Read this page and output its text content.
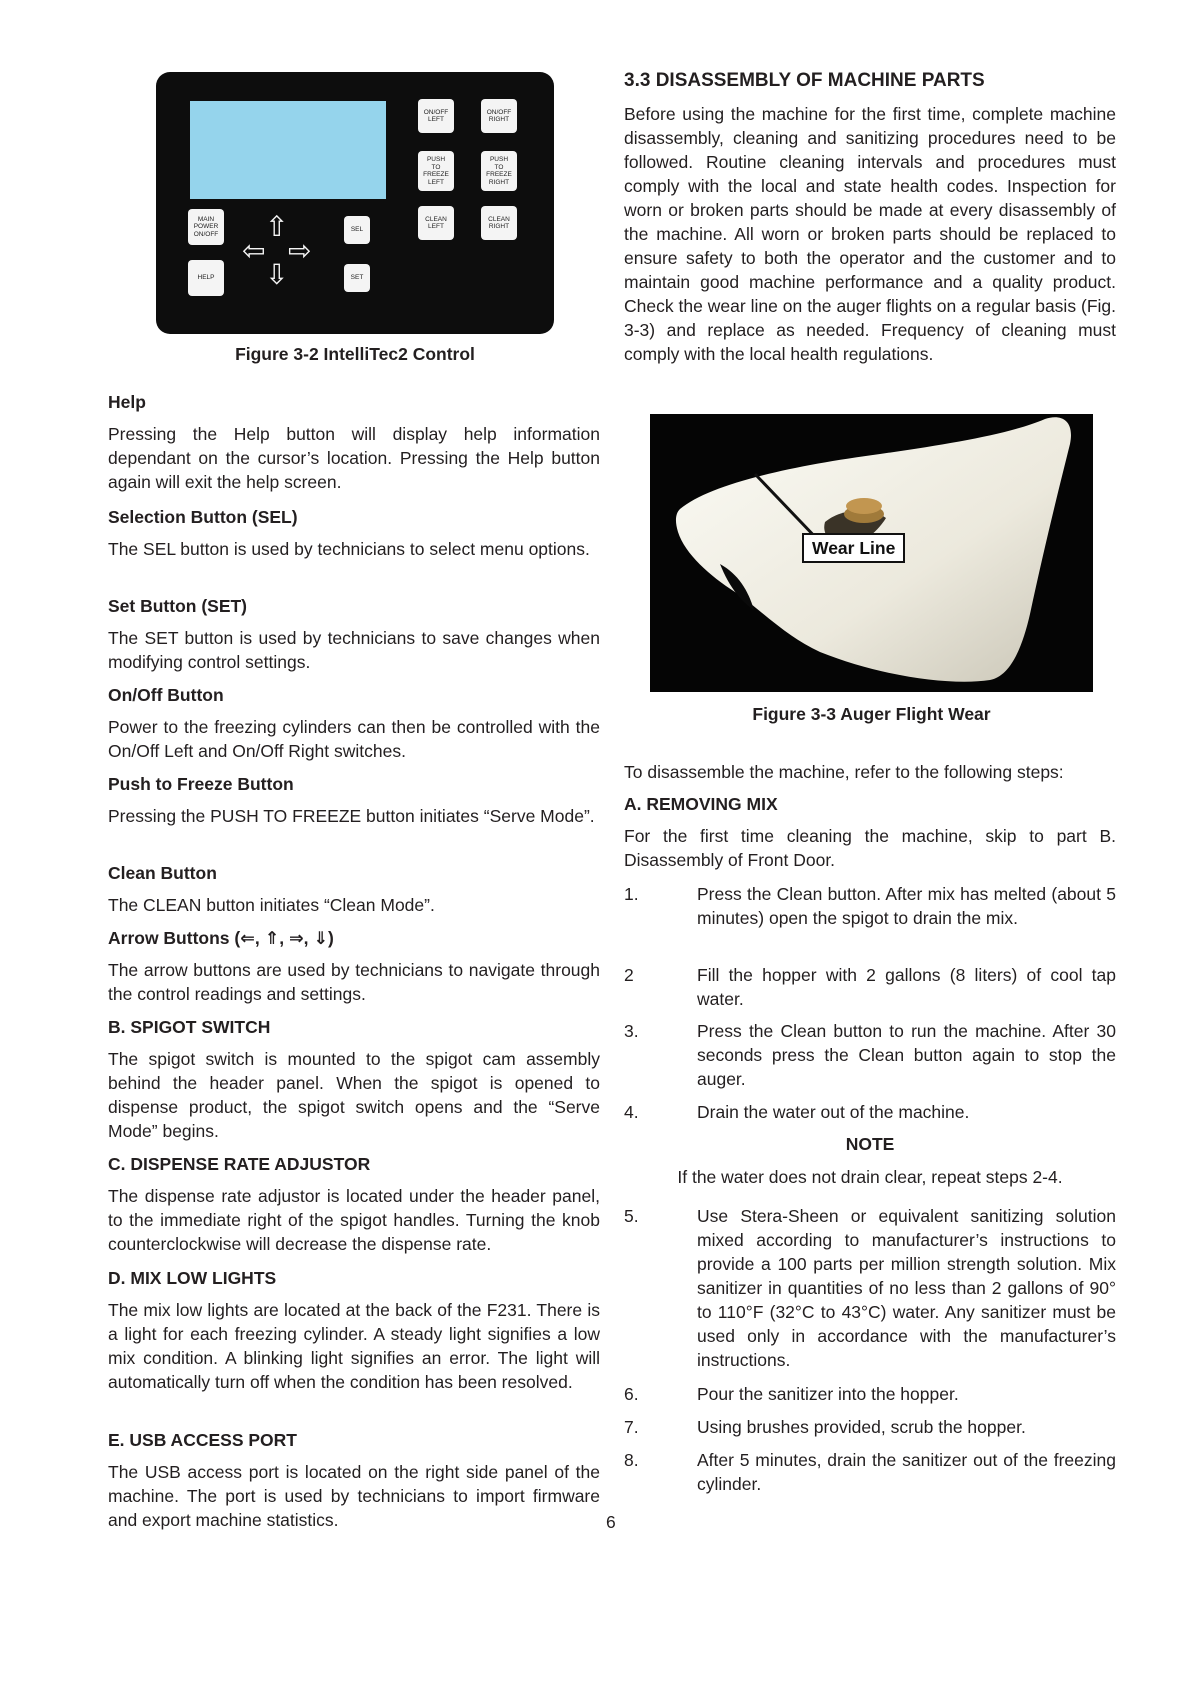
ON/OFF
LEFT
ON/OFF
RIGHT
PUSH
TO
FREEZE
LEFT
PUSH
TO
FREEZE
RIGHT
CLEAN
LEFT
CLEAN
RIGHT
MAIN
POWER
ON/OFF
HELP
SEL
SET
⇧
⇦ ⇨
⇩
Figure 3-2 IntelliTec2 Control
Help

Pressing the Help button will display help information dependant on the cursor’s location. Pressing the Help button again will exit the help screen.

Selection Button (SEL)

The SEL button is used by technicians to select menu options.

Set Button (SET)

The SET button is used by technicians to save changes when modifying control settings.

On/Off Button

Power to the freezing cylinders can then be controlled with the On/Off Left and On/Off Right switches.

Push to Freeze Button

Pressing the PUSH TO FREEZE button initiates “Serve Mode”.

Clean Button

The CLEAN button initiates “Clean Mode”.

Arrow Buttons (⇐, ⇑, ⇒, ⇓)

The arrow buttons are used by technicians to navigate through the control readings and settings.

B. SPIGOT SWITCH

The spigot switch is mounted to the spigot cam assembly behind the header panel. When the spigot is opened to dispense product, the spigot switch opens and the “Serve Mode” begins.

C. DISPENSE RATE ADJUSTOR

The dispense rate adjustor is located under the header panel, to the immediate right of the spigot handles. Turning the knob counterclockwise will decrease the dispense rate.

D. MIX LOW LIGHTS

The mix low lights are located at the back of the F231. There is a light for each freezing cylinder. A steady light signifies a low mix condition. A blinking light signifies an error. The light will automatically turn off when the condition has been resolved.

E. USB ACCESS PORT

The USB access port is located on the right side panel of the machine. The port is used by technicians to import firmware and export machine statistics.

3.3 DISASSEMBLY OF MACHINE PARTS

Before using the machine for the first time, complete machine disassembly, cleaning and sanitizing procedures need to be followed. Routine cleaning intervals and procedures must comply with the local and state health codes. Inspection for worn or broken parts should be made at every disassembly of the machine. All worn or broken parts should be replaced to ensure safety to both the operator and the customer and to maintain good machine performance and a quality product. Check the wear line on the auger flights on a regular basis (Fig. 3-3) and replace as needed. Frequency of cleaning must comply with the local health regulations.

To disassemble the machine, refer to the following steps:

A. REMOVING MIX

For the first time cleaning the machine, skip to part B. Disassembly of Front Door.

1.	Press the Clean button. After mix has melted (about 5 minutes) open the spigot to drain the mix.

2	Fill the hopper with 2 gallons (8 liters) of cool tap water.

3.	Press the Clean button to run the machine. After 30 seconds press the Clean button again to stop the auger.

4.	Drain the water out of the machine.

NOTE
If the water does not drain clear, repeat steps 2-4.
5.	Use Stera-Sheen or equivalent sanitizing solution mixed according to manufacturer’s instructions to provide a 100 parts per million strength solution. Mix sanitizer in quantities of no less than 2 gallons of 90° to 110°F (32°C to 43°C) water. Any sanitizer must be used only in accordance with the manufacturer’s instructions.

6.	Pour the sanitizer into the hopper.

7.	Using brushes provided, scrub the hopper.

8.	After 5 minutes, drain the sanitizer out of the freezing cylinder.

Wear Line
Figure 3-3 Auger Flight Wear
6
